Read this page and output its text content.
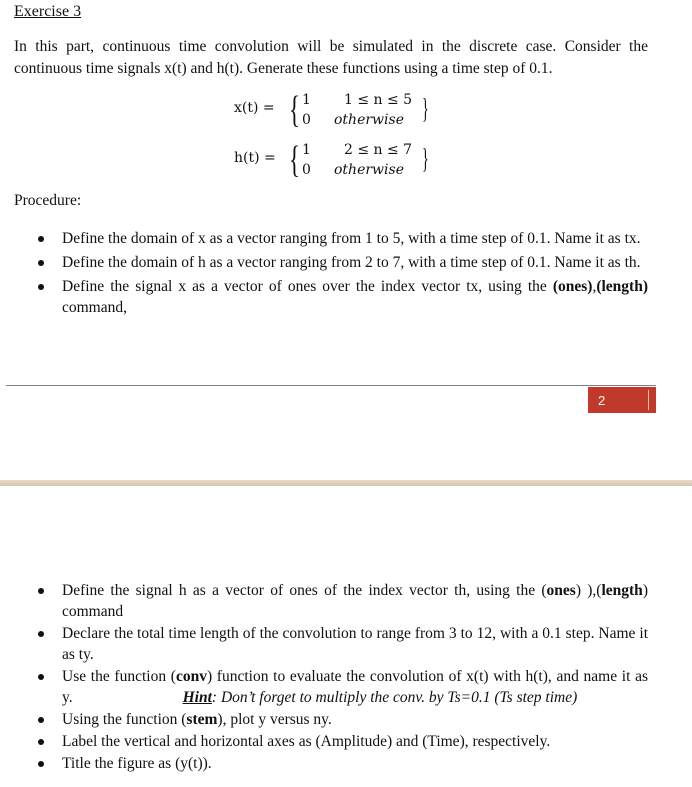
Exercise 3
In this part, continuous time convolution will be simulated in the discrete case. Consider the continuous time signals x(t) and h(t). Generate these functions using a time step of 0.1.
x(t) = { 1 1 ≤ n ≤ 5
0 otherwise }
h(t) = { 1 2 ≤ n ≤ 7
0 otherwise }
Procedure:
Define the domain of x as a vector ranging from 1 to 5, with a time step of 0.1. Name it as tx.
Define the domain of h as a vector ranging from 2 to 7, with a time step of 0.1. Name it as th.
Define the signal x as a vector of ones over the index vector tx, using the (ones),(length) command,
2
Define the signal h as a vector of ones of the index vector th, using the (ones) ),(length) command
Declare the total time length of the convolution to range from 3 to 12, with a 0.1 step. Name it as ty.
Use the function (conv) function to evaluate the convolution of x(t) with h(t), and name it as y.	Hint: Don’t forget to multiply the conv. by Ts=0.1 (Ts step time)
Using the function (stem), plot y versus ny.
Label the vertical and horizontal axes as (Amplitude) and (Time), respectively.
Title the figure as (y(t)).
